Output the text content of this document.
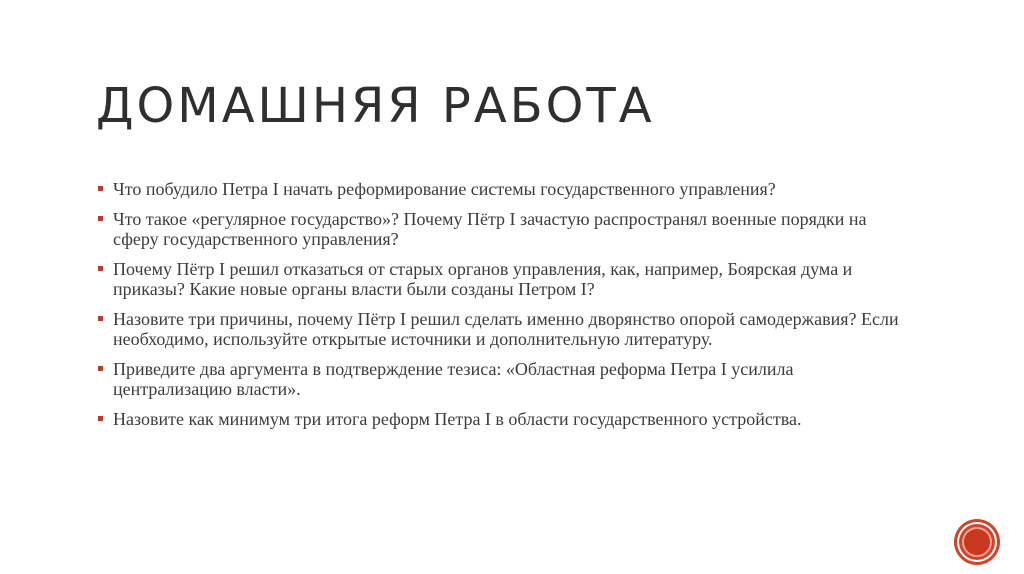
ДОМАШНЯЯ РАБОТА
Что побудило Петра I начать реформирование системы государственного управления?
Что такое «регулярное государство»? Почему Пётр I зачастую распространял военные порядки на сферу государственного управления?
Почему Пётр I решил отказаться от старых органов управления, как, например, Боярская дума и приказы? Какие новые органы власти были созданы Петром I?
Назовите три причины, почему Пётр I решил сделать именно дворянство опорой самодержавия? Если необходимо, используйте открытые источники и дополнительную литературу.
Приведите два аргумента в подтверждение тезиса: «Областная реформа Петра I усилила централизацию власти».
Назовите как минимум три итога реформ Петра I в области государственного устройства.
